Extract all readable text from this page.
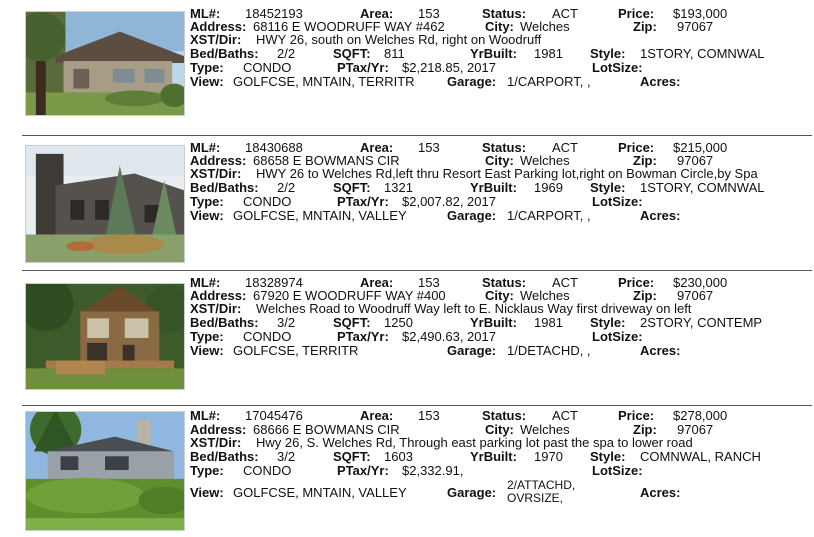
ML#: 18452193	Area: 153	Status: ACT	Price: $193,000
Address: 68116 E WOODRUFF WAY #462	City: Welches	Zip: 97067
XST/Dir: HWY 26, south on Welches Rd, right on Woodruff
Bed/Baths: 2/2	SQFT: 811	YrBuilt: 1981 Style: 1STORY, COMNWAL
Type: CONDO	PTax/Yr: $2,218.85, 2017	LotSize:
View: GOLFCSE, MNTAIN, TERRITR Garage: 1/CARPORT, ,	Acres:
ML#: 18430688	Area: 153	Status: ACT	Price: $215,000
Address: 68658 E BOWMANS CIR	City: Welches	Zip: 97067
XST/Dir: HWY 26 to Welches Rd,left thru Resort East Parking lot,right on Bowman Circle,by Spa
Bed/Baths: 2/2	SQFT: 1321	YrBuilt: 1969 Style: 1STORY, COMNWAL
Type: CONDO	PTax/Yr: $2,007.82, 2017	LotSize:
View: GOLFCSE, MNTAIN, VALLEY	Garage: 1/CARPORT, ,	Acres:
ML#: 18328974	Area: 153	Status: ACT	Price: $230,000
Address: 67920 E WOODRUFF WAY #400	City: Welches	Zip: 97067
XST/Dir: Welches Road to Woodruff Way left to E. Nicklaus Way first driveway on left
Bed/Baths: 3/2	SQFT: 1250	YrBuilt: 1981 Style: 2STORY, CONTEMP
Type: CONDO	PTax/Yr: $2,490.63, 2017	LotSize:
View: GOLFCSE, TERRITR	Garage: 1/DETACHD, ,	Acres:
ML#: 17045476	Area: 153	Status: ACT	Price: $278,000
Address: 68666 E BOWMANS CIR	City: Welches	Zip: 97067
XST/Dir: Hwy 26, S. Welches Rd, Through east parking lot past the spa to lower road
Bed/Baths: 3/2	SQFT: 1603	YrBuilt: 1970 Style: COMNWAL, RANCH
Type: CONDO	PTax/Yr: $2,332.91,	LotSize:
View: GOLFCSE, MNTAIN, VALLEY	Garage: 2/ATTACHD,
OVRSIZE,	Acres:
